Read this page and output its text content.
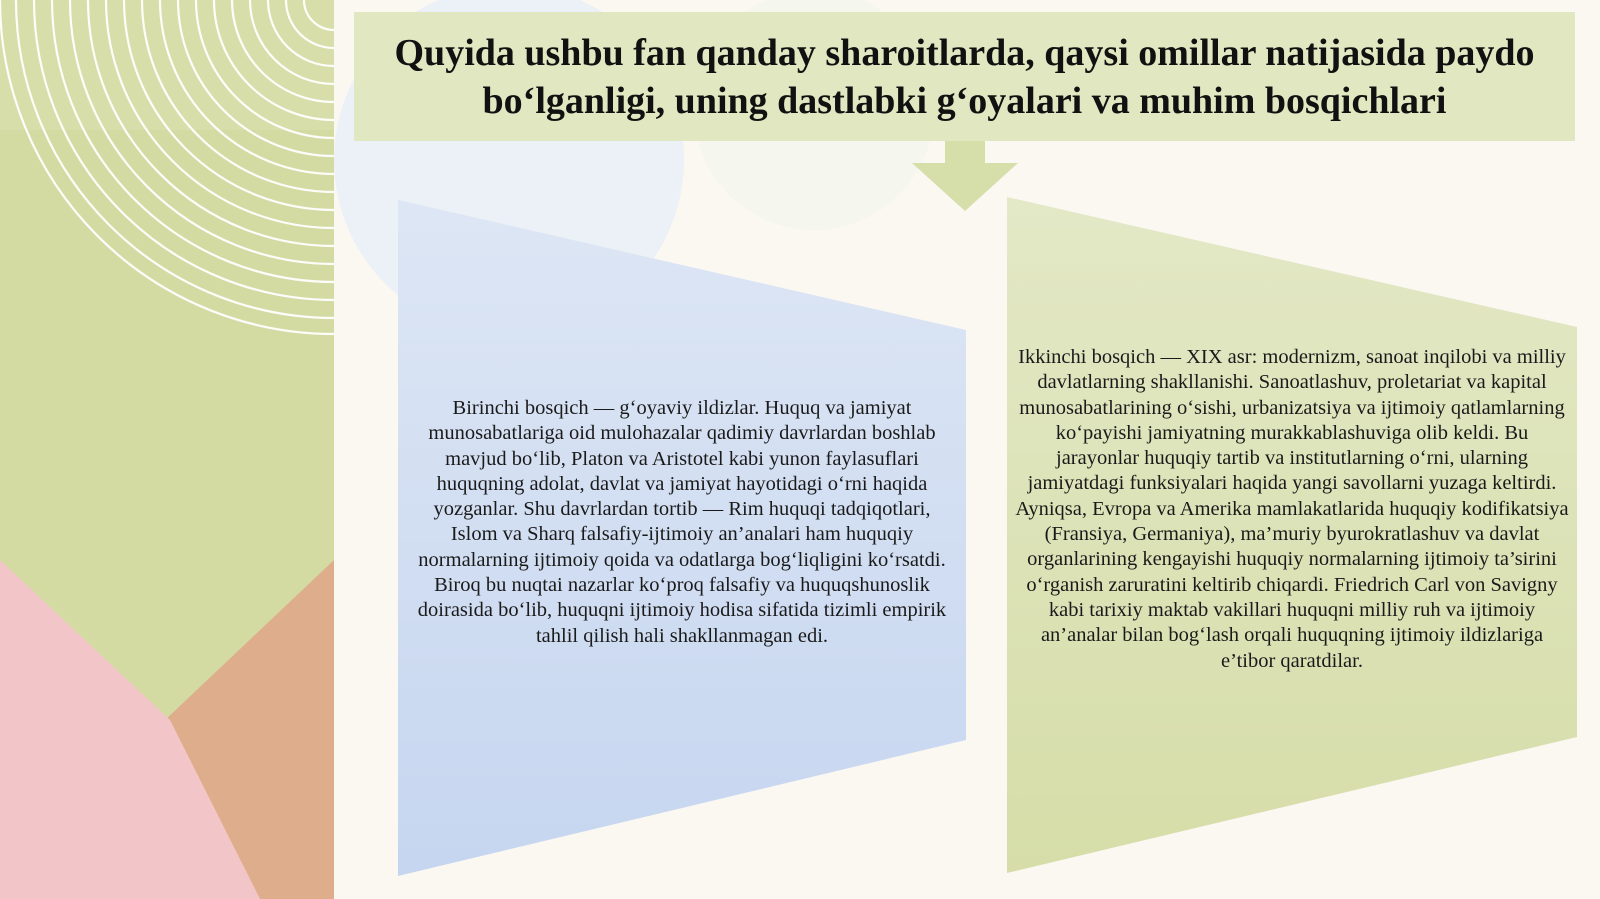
Quyida ushbu fan qanday sharoitlarda, qaysi omillar natijasida paydo bo‘lganligi, uning dastlabki g‘oyalari va muhim bosqichlari

Birinchi bosqich — g‘oyaviy ildizlar. Huquq va jamiyat munosabatlariga oid mulohazalar qadimiy davrlardan boshlab mavjud bo‘lib, Platon va Aristotel kabi yunon faylasuflari huquqning adolat, davlat va jamiyat hayotidagi o‘rni haqida yozganlar. Shu davrlardan tortib — Rim huquqi tadqiqotlari, Islom va Sharq falsafiy-ijtimoiy an’analari ham huquqiy normalarning ijtimoiy qoida va odatlarga bog‘liqligini ko‘rsatdi. Biroq bu nuqtai nazarlar ko‘proq falsafiy va huquqshunoslik doirasida bo‘lib, huquqni ijtimoiy hodisa sifatida tizimli empirik tahlil qilish hali shakllanmagan edi.

Ikkinchi bosqich — XIX asr: modernizm, sanoat inqilobi va milliy davlatlarning shakllanishi. Sanoatlashuv, proletariat va kapital munosabatlarining o‘sishi, urbanizatsiya va ijtimoiy qatlamlarning ko‘payishi jamiyatning murakkablashuviga olib keldi. Bu jarayonlar huquqiy tartib va institutlarning o‘rni, ularning jamiyatdagi funksiyalari haqida yangi savollarni yuzaga keltirdi. Ayniqsa, Evropa va Amerika mamlakatlarida huquqiy kodifikatsiya (Fransiya, Germaniya), ma’muriy byurokratlashuv va davlat organlarining kengayishi huquqiy normalarning ijtimoiy ta’sirini o‘rganish zaruratini keltirib chiqardi. Friedrich Carl von Savigny kabi tarixiy maktab vakillari huquqni milliy ruh va ijtimoiy an’analar bilan bog‘lash orqali huquqning ijtimoiy ildizlariga e’tibor qaratdilar.
